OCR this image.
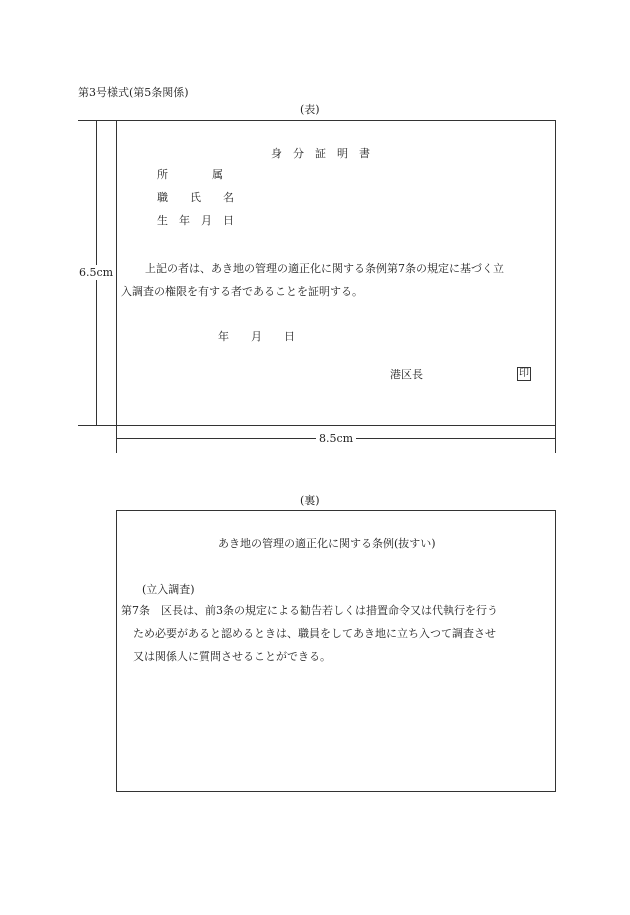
第3号様式(第5条関係)
(表)
6.5cm
8.5cm
身　分　証　明　書
所　　　　属
職　　氏　　名
生　年　月　日
上記の者は、あき地の管理の適正化に関する条例第7条の規定に基づく立
入調査の権限を有する者であることを証明する。
年　　月　　日
港区長	印
(裏)
あき地の管理の適正化に関する条例(抜すい)
(立入調査)
第7条　区長は、前3条の規定による勧告若しくは措置命令又は代執行を行う
ため必要があると認めるときは、職員をしてあき地に立ち入つて調査させ
又は関係人に質問させることができる。
